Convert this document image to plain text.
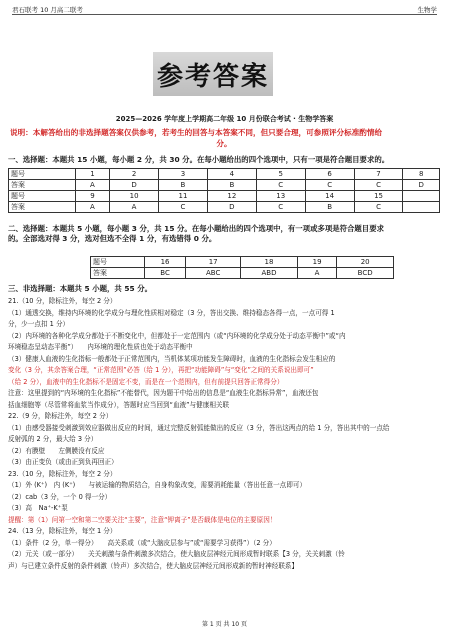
君石联考 10 月高二联考	生物学
参考答案
2025—2026 学年度上学期高二年级 10 月份联合考试 · 生物学答案
说明：本解答给出的非选择题答案仅供参考，若考生的回答与本答案不同，但只要合理，可参照评分标准酌情给
分。
一、选择题：本题共 15 小题，每小题 2 分，共 30 分。在每小题给出的四个选项中，只有一项是符合题目要求的。
题号	1	2	3	4	5	6	7	8
答案	A	D	B	B	C	C	C	D
题号	9	10	11	12	13	14	15	
答案	A	A	C	D	C	B	C	
二、选择题：本题共 5 小题，每小题 3 分，共 15 分。在每小题给出的四个选项中，有一项或多项是符合题目要求
的。全部选对得 3 分，选对但选不全得 1 分，有选错得 0 分。
题号	16	17	18	19	20
答案	BC	ABC	ABD	A	BCD
三、非选择题：本题共 5 小题，共 55 分。
21.（10 分，除标注外，每空 2 分）
（1）通透交换，维持内环境的化学成分与理化性质相对稳定（3 分，答出交换、维持稳态各得一点，一点可得 1
分，少一点扣 1 分）
（2）内环境的各种化学成分都处于不断变化中，但都处于一定范围内（或“内环境的化学成分处于动态平衡中”或“内
环境稳态呈动态平衡”）　　内环境的理化性质也处于动态平衡中
（3）健康人血液的生化指标一般都处于正常范围内，当机体某项功能发生障碍时，血液的生化指标会发生相应的
变化（3 分，其余答案合理，“正常范围”必答（给 1 分），再把“功能障碍”与“变化”之间的关系说出即可”
（给 2 分），血液中的生化指标不是固定不变，而是在一个范围内，但有前提只回答正常得分）
注意：这里提到的“内环境的生化指标”不能替代，因为题干中给出的信息是“血液生化指标异常”，血液还包
括血细胞等（尽管常将血浆当作成分），答题时应当回到“血液”与健康相关联
22.（9 分，除标注外，每空 2 分）
（1）由感受器接受刺激到效应器做出反应的时间，通过完整反射弧能做出的反应（3 分，答出这两点的给 1 分，答出其中的一点给
反射弧的 2 分，最大给 3 分）
（2）有膜壁　　左侧膜没有反应
（3）由正变负（或由正到负再回正）
23.（10 分，除标注外，每空 2 分）
（1）外 (K⁺)　内 (K⁺)　　与被运输的物质结合，自身构象改变，需要消耗能量（答出任意一点即可）
（2）cab（3 分，一个 0 得一分）
（3）高　Na⁺-K⁺泵
提醒：第（1）问第一空和第二空要关注“主要”，注意“钾离子”是否载体是电位的主要原因！
24.（13 分，除标注外，每空 1 分）
（1）条件（2 分，单一得分）　　高关系或（或“大脑皮层参与”或“需要学习获得”）（2 分）
（2）元关（或一部分）　　关关刺激与条件刺激多次结合，使大脑皮层神经元间形成暂时联系【3 分，关关刺激（铃
声）与已建立条件反射的条件刺激（铃声）多次结合，使大脑皮层神经元间形成新的暂时神经联系】
第 1 页 共 10 页
